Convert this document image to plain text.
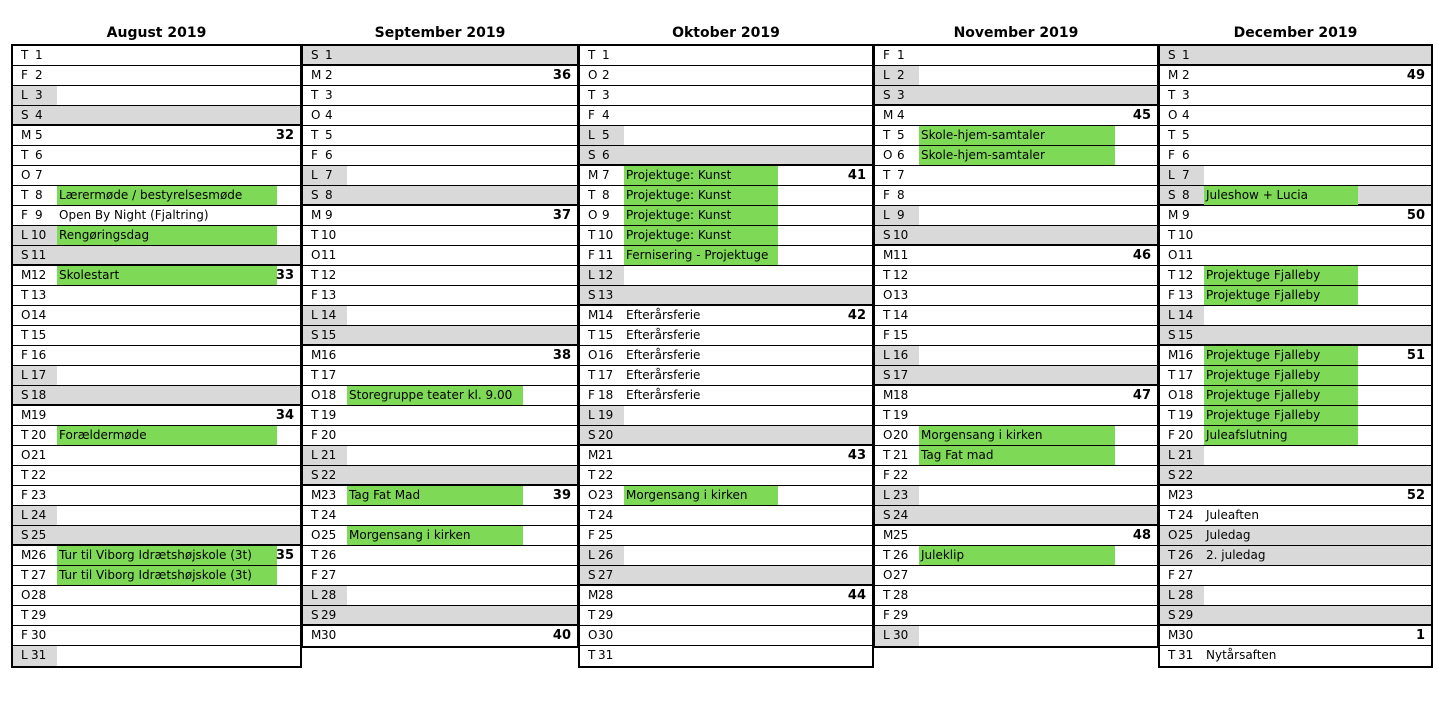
August 2019
T 1
F 2
L 3
S 4
M 5	32
T 6
O 7
T 8 Lærermøde / bestyrelsesmøde
F 9 Open By Night (Fjaltring)
L 10 Rengøringsdag
S 11
M 12 Skolestart	33
T 13
O 14
T 15
F 16
L 17
S 18
M 19	34
T 20 Forældermøde
O 21
T 22
F 23
L 24
S 25
M 26 Tur til Viborg Idrætshøjskole (3t)	35
T 27 Tur til Viborg Idrætshøjskole (3t)
O 28
T 29
F 30
L 31
September 2019
S 1
M 2	36
T 3
O 4
T 5
F 6
L 7
S 8
M 9	37
T 10
O 11
T 12
F 13
L 14
S 15
M 16	38
T 17
O 18 Storegruppe teater kl. 9.00
T 19
F 20
L 21
S 22
M 23 Tag Fat Mad	39
T 24
O 25 Morgensang i kirken
T 26
F 27
L 28
S 29
M 30	40
Oktober 2019
T 1
O 2
T 3
F 4
L 5
S 6
M 7 Projektuge: Kunst	41
T 8 Projektuge: Kunst
O 9 Projektuge: Kunst
T 10 Projektuge: Kunst
F 11 Fernisering - Projektuge
L 12
S 13
M 14 Efterårsferie	42
T 15 Efterårsferie
O 16 Efterårsferie
T 17 Efterårsferie
F 18 Efterårsferie
L 19
S 20
M 21	43
T 22
O 23 Morgensang i kirken
T 24
F 25
L 26
S 27
M 28	44
T 29
O 30
T 31
November 2019
F 1
L 2
S 3
M 4	45
T 5 Skole-hjem-samtaler
O 6 Skole-hjem-samtaler
T 7
F 8
L 9
S 10
M 11	46
T 12
O 13
T 14
F 15
L 16
S 17
M 18	47
T 19
O 20 Morgensang i kirken
T 21 Tag Fat mad
F 22
L 23
S 24
M 25	48
T 26 Juleklip
O 27
T 28
F 29
L 30
December 2019
S 1
M 2	49
T 3
O 4
T 5
F 6
L 7
S 8 Juleshow + Lucia
M 9	50
T 10
O 11
T 12 Projektuge Fjalleby
F 13 Projektuge Fjalleby
L 14
S 15
M 16 Projektuge Fjalleby	51
T 17 Projektuge Fjalleby
O 18 Projektuge Fjalleby
T 19 Projektuge Fjalleby
F 20 Juleafslutning
L 21
S 22
M 23	52
T 24 Juleaften
O 25 Juledag
T 26 2. juledag
F 27
L 28
S 29
M 30	1
T 31 Nytårsaften
